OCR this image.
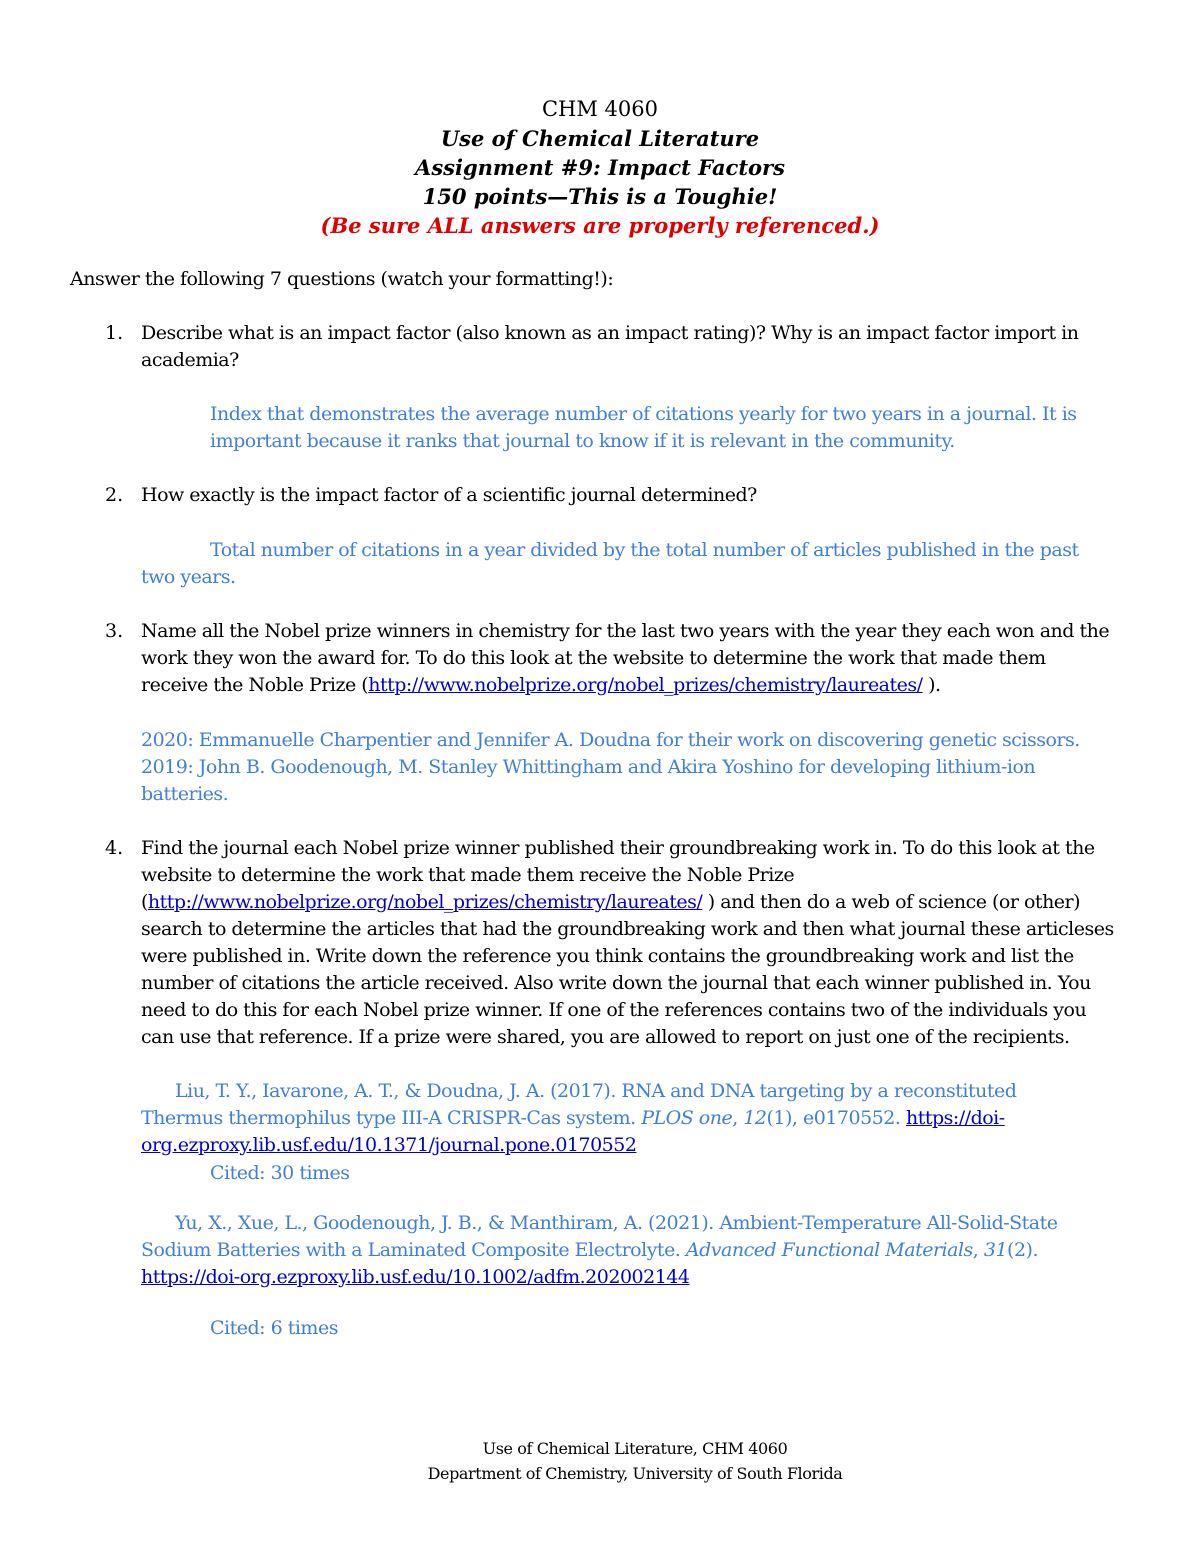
CHM 4060
Use of Chemical Literature
Assignment #9: Impact Factors
150 points—This is a Toughie!
(Be sure ALL answers are properly referenced.)
Answer the following 7 questions (watch your formatting!):
1. Describe what is an impact factor (also known as an impact rating)? Why is an impact factor import in
academia?
Index that demonstrates the average number of citations yearly for two years in a journal. It is
important because it ranks that journal to know if it is relevant in the community.
2. How exactly is the impact factor of a scientific journal determined?
Total number of citations in a year divided by the total number of articles published in the past
two years.
3. Name all the Nobel prize winners in chemistry for the last two years with the year they each won and the
work they won the award for. To do this look at the website to determine the work that made them
receive the Noble Prize (http://www.nobelprize.org/nobel_prizes/chemistry/laureates/ ).
2020: Emmanuelle Charpentier and Jennifer A. Doudna for their work on discovering genetic scissors.
2019: John B. Goodenough, M. Stanley Whittingham and Akira Yoshino for developing lithium-ion
batteries.
4. Find the journal each Nobel prize winner published their groundbreaking work in. To do this look at the
website to determine the work that made them receive the Noble Prize
(http://www.nobelprize.org/nobel_prizes/chemistry/laureates/ ) and then do a web of science (or other)
search to determine the articles that had the groundbreaking work and then what journal these articleses
were published in. Write down the reference you think contains the groundbreaking work and list the
number of citations the article received. Also write down the journal that each winner published in. You
need to do this for each Nobel prize winner. If one of the references contains two of the individuals you
can use that reference. If a prize were shared, you are allowed to report on just one of the recipients.
Liu, T. Y., Iavarone, A. T., & Doudna, J. A. (2017). RNA and DNA targeting by a reconstituted
Thermus thermophilus type III-A CRISPR-Cas system. PLOS one, 12(1), e0170552. https://doi-
org.ezproxy.lib.usf.edu/10.1371/journal.pone.0170552
Cited: 30 times
Yu, X., Xue, L., Goodenough, J. B., & Manthiram, A. (2021). Ambient-Temperature All-Solid-State
Sodium Batteries with a Laminated Composite Electrolyte. Advanced Functional Materials, 31(2).
https://doi-org.ezproxy.lib.usf.edu/10.1002/adfm.202002144
Cited: 6 times
Use of Chemical Literature, CHM 4060
Department of Chemistry, University of South Florida
